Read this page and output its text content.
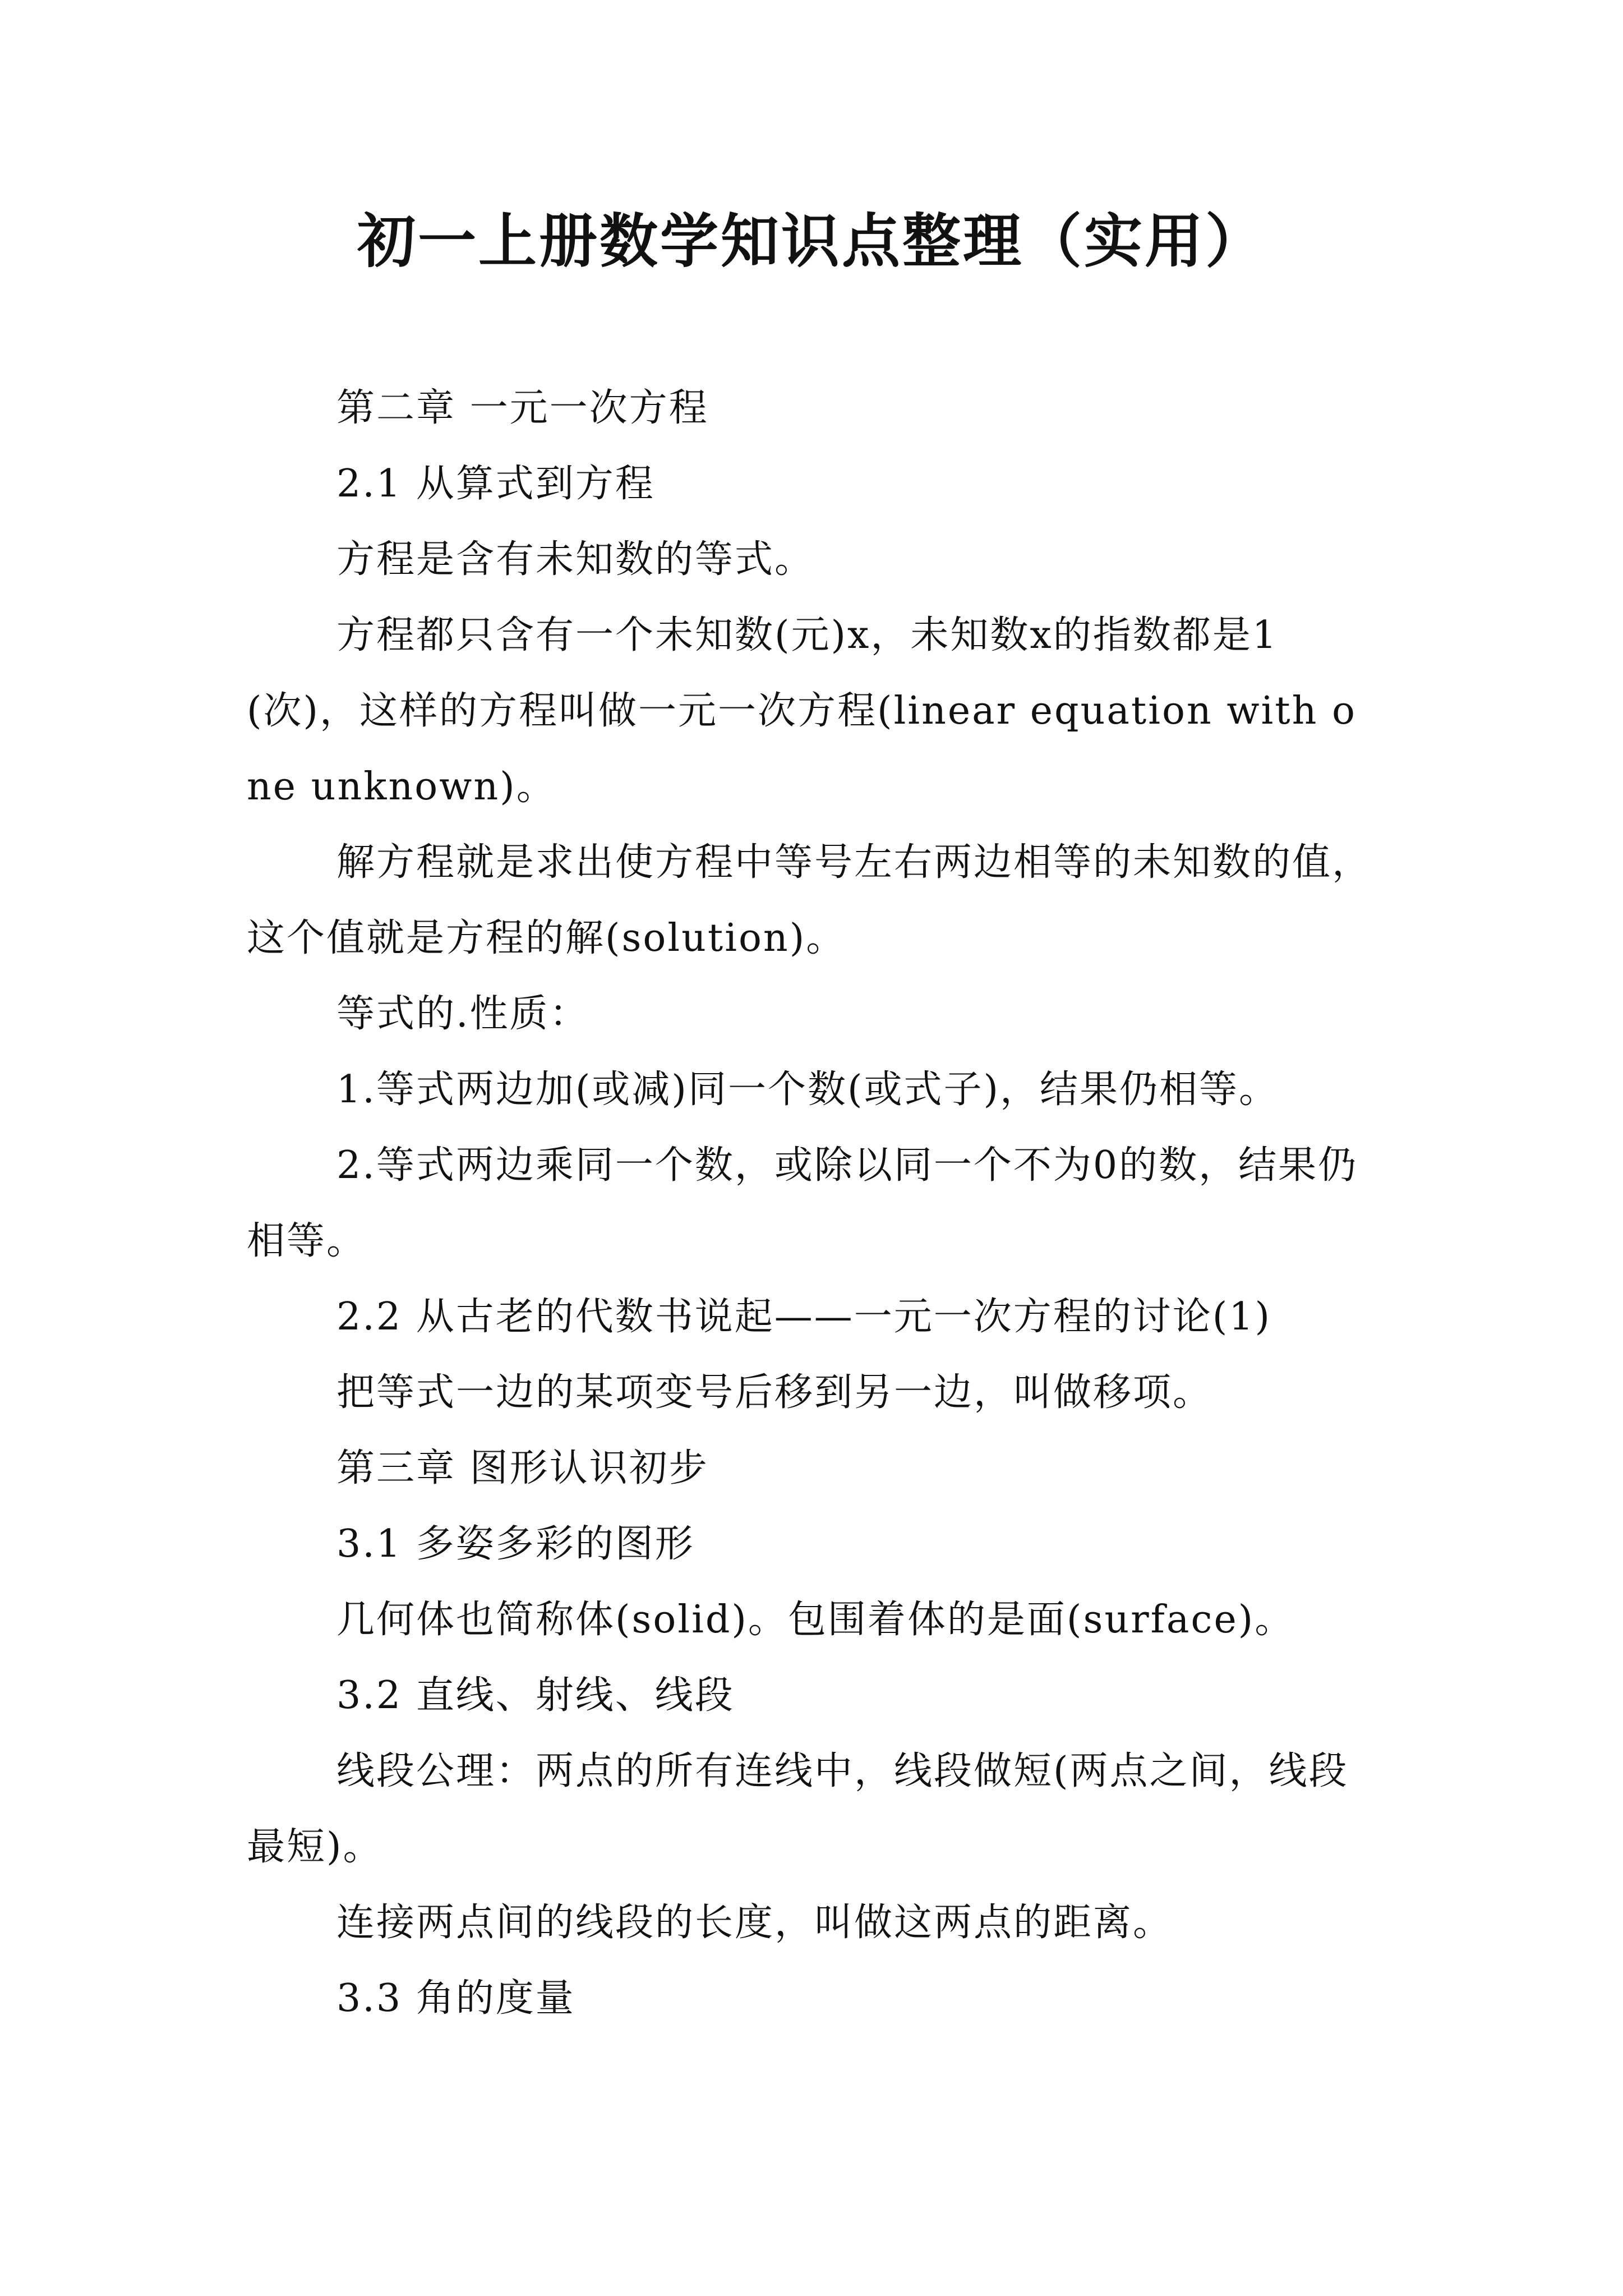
初一上册数学知识点整理（实用）

第二章 一元一次方程

2.1 从算式到方程

方程是含有未知数的等式。

方程都只含有一个未知数(元)x，未知数x的指数都是1(次)，这样的方程叫做一元一次方程(linear equation with one unknown)。

解方程就是求出使方程中等号左右两边相等的未知数的值，这个值就是方程的解(solution)。

等式的.性质：

1.等式两边加(或减)同一个数(或式子)，结果仍相等。

2.等式两边乘同一个数，或除以同一个不为0的数，结果仍相等。

2.2 从古老的代数书说起——一元一次方程的讨论(1)

把等式一边的某项变号后移到另一边，叫做移项。

第三章 图形认识初步

3.1 多姿多彩的图形

几何体也简称体(solid)。包围着体的是面(surface)。

3.2 直线、射线、线段

线段公理：两点的所有连线中，线段做短(两点之间，线段最短)。

连接两点间的线段的长度，叫做这两点的距离。

3.3 角的度量
